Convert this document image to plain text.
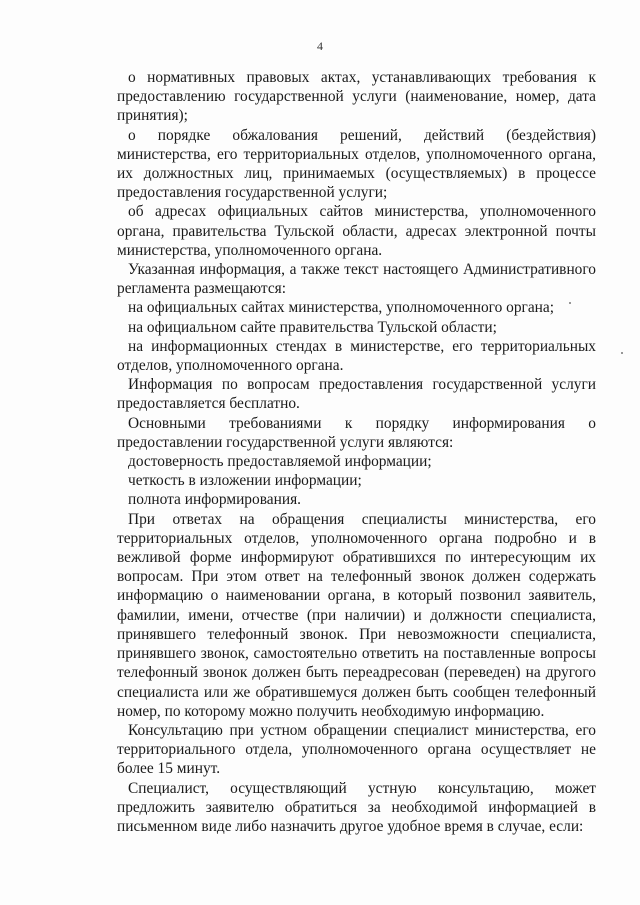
4

о нормативных правовых актах, устанавливающих требования к предоставлению государственной услуги (наименование, номер, дата принятия);

о порядке обжалования решений, действий (бездействия) министерства, его территориальных отделов, уполномоченного органа, их должностных лиц, принимаемых (осуществляемых) в процессе предоставления государственной услуги;

об адресах официальных сайтов министерства, уполномоченного органа, правительства Тульской области, адресах электронной почты министерства, уполномоченного органа.

Указанная информация, а также текст настоящего Административного регламента размещаются:

на официальных сайтах министерства, уполномоченного органа;

на официальном сайте правительства Тульской области;

на информационных стендах в министерстве, его территориальных отделов, уполномоченного органа.

Информация по вопросам предоставления государственной услуги предоставляется бесплатно.

Основными требованиями к порядку информирования о предоставлении государственной услуги являются:

достоверность предоставляемой информации;

четкость в изложении информации;

полнота информирования.

При ответах на обращения специалисты министерства, его территориальных отделов, уполномоченного органа подробно и в вежливой форме информируют обратившихся по интересующим их вопросам. При этом ответ на телефонный звонок должен содержать информацию о наименовании органа, в который позвонил заявитель, фамилии, имени, отчестве (при наличии) и должности специалиста, принявшего телефонный звонок. При невозможности специалиста, принявшего звонок, самостоятельно ответить на поставленные вопросы телефонный звонок должен быть переадресован (переведен) на другого специалиста или же обратившемуся должен быть сообщен телефонный номер, по которому можно получить необходимую информацию.

Консультацию при устном обращении специалист министерства, его территориального отдела, уполномоченного органа осуществляет не более 15 минут.

Специалист, осуществляющий устную консультацию, может предложить заявителю обратиться за необходимой информацией в письменном виде либо назначить другое удобное время в случае, если:
